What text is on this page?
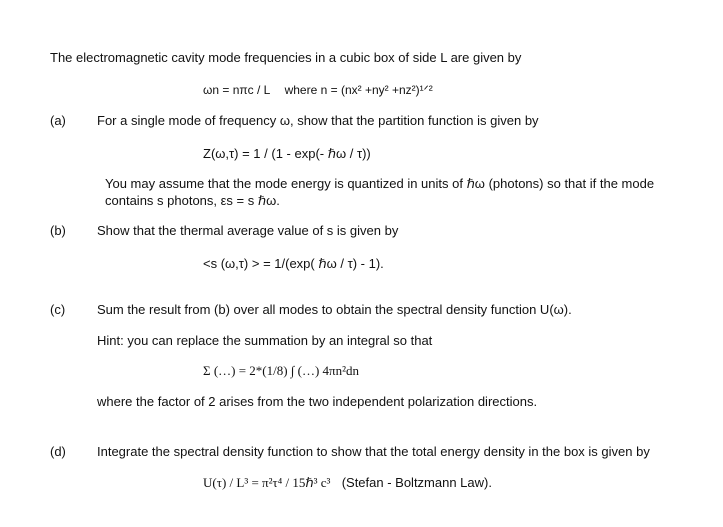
The electromagnetic cavity mode frequencies in a cubic box of side L are given by
ωn = nπc / L where n = (nx² +ny² +nz²)¹ᐟ²
(a) For a single mode of frequency ω, show that the partition function is given by
Z(ω,τ) = 1 / (1 - exp(- ℏω / τ))
You may assume that the mode energy is quantized in units of ℏω (photons) so that if the mode
contains s photons, εs = s ℏω.
(b) Show that the thermal average value of s is given by
<s (ω,τ) > = 1/(exp( ℏω / τ) - 1).
(c) Sum the result from (b) over all modes to obtain the spectral density function U(ω).
Hint: you can replace the summation by an integral so that
Σ (…) = 2*(1/8) ∫ (…) 4πn²dn
where the factor of 2 arises from the two independent polarization directions.
(d) Integrate the spectral density function to show that the total energy density in the box is given by
U(τ) / L³ = π²τ⁴ / 15ℏ³ c³ (Stefan - Boltzmann Law).
